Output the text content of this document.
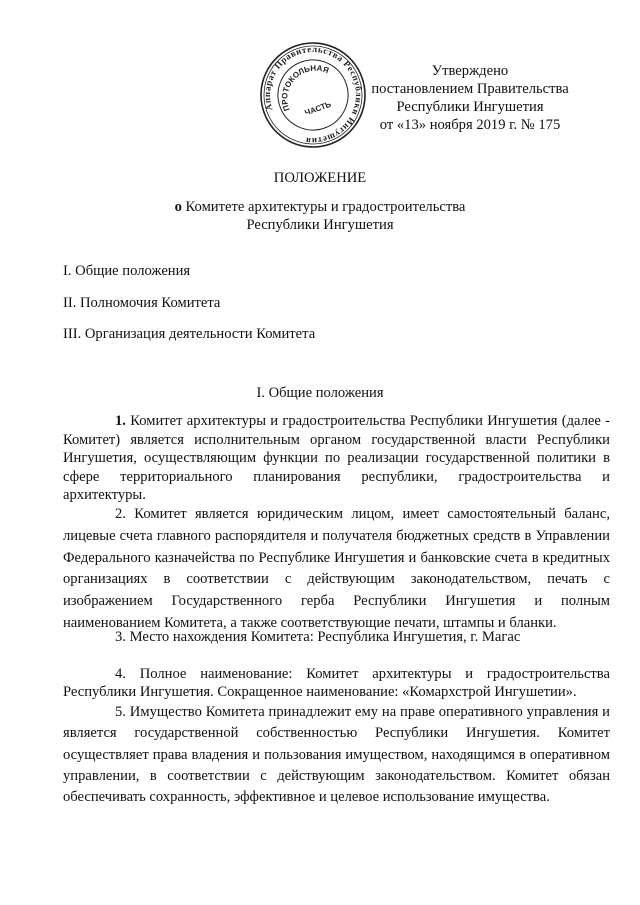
Аппарат Правительства Республики Ингушетия
ПРОТОКОЛЬНАЯ
ЧАСТЬ
Утверждено
постановлением Правительства
Республики Ингушетия
от «13» ноября 2019 г. № 175
ПОЛОЖЕНИЕ
о Комитете архитектуры и градостроительства
Республики Ингушетия
I. Общие положения
II. Полномочия Комитета
III. Организация деятельности Комитета
I. Общие положения
1. Комитет архитектуры и градостроительства Республики Ингушетия (далее - Комитет) является исполнительным органом государственной власти Республики Ингушетия, осуществляющим функции по реализации государственной политики в сфере территориального планирования республики, градостроительства и архитектуры.
2. Комитет является юридическим лицом, имеет самостоятельный баланс, лицевые счета главного распорядителя и получателя бюджетных средств в Управлении Федерального казначейства по Республике Ингушетия и банковские счета в кредитных организациях в соответствии с действующим законодательством, печать с изображением Государственного герба Республики Ингушетия и полным наименованием Комитета, а также соответствующие печати, штампы и бланки.
3. Место нахождения Комитета: Республика Ингушетия, г. Магас
4. Полное наименование: Комитет архитектуры и градостроительства Республики Ингушетия. Сокращенное наименование: «Комархстрой Ингушетии».
5. Имущество Комитета принадлежит ему на праве оперативного управления и является государственной собственностью Республики Ингушетия. Комитет осуществляет права владения и пользования имуществом, находящимся в оперативном управлении, в соответствии с действующим законодательством. Комитет обязан обеспечивать сохранность, эффективное и целевое использование имущества.
